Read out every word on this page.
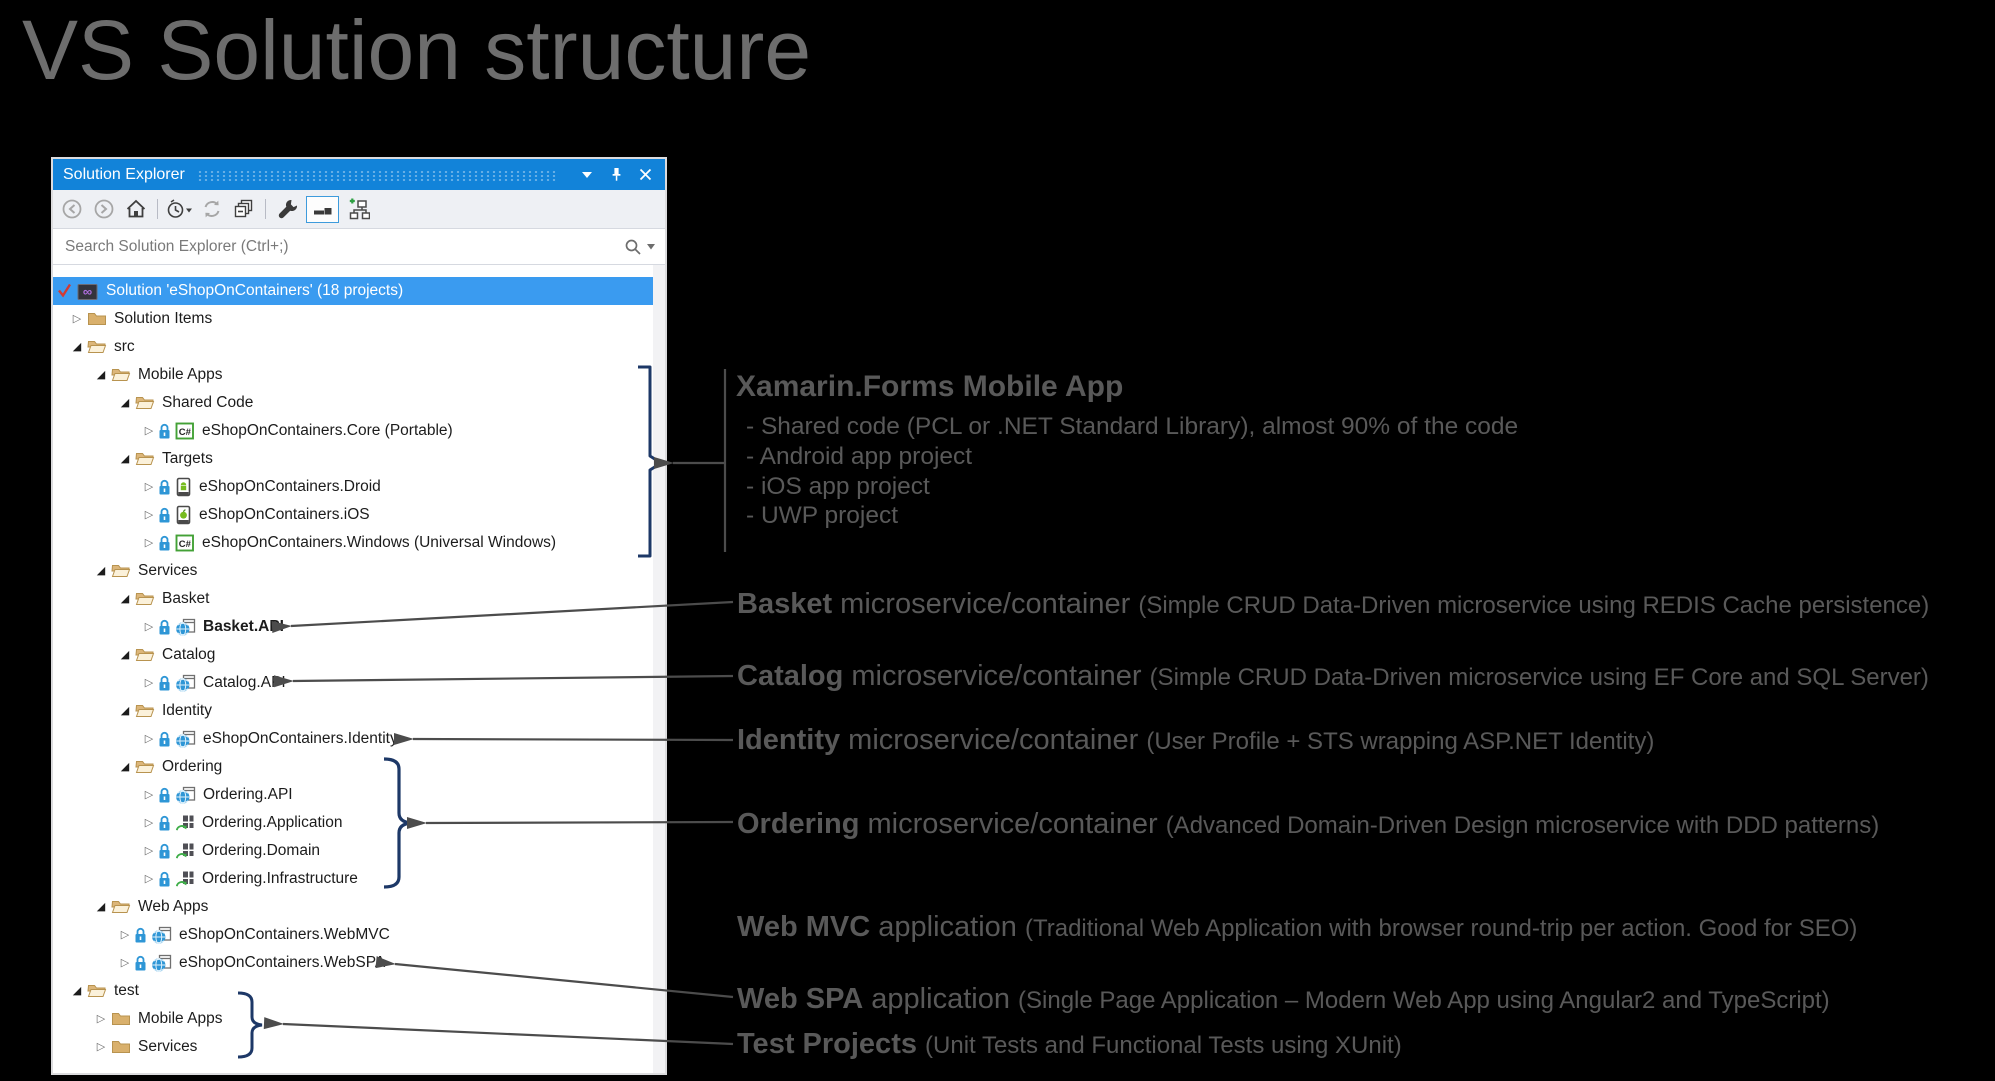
VS Solution structure
Solution Explorer
Search Solution Explorer (Ctrl+;)
∞ Solution 'eShopOnContainers' (18 projects)
▷ Solution Items
◢ src
◢ Mobile Apps
◢ Shared Code
▷	C# eShopOnContainers.Core (Portable)
◢ Targets
▷	eShopOnContainers.Droid
▷	eShopOnContainers.iOS
▷	C# eShopOnContainers.Windows (Universal Windows)
◢ Services
◢ Basket
▷	Basket.API
◢ Catalog
▷	Catalog.API
◢ Identity
▷	eShopOnContainers.Identity
◢ Ordering
▷	Ordering.API
▷	Ordering.Application
▷	Ordering.Domain
▷	Ordering.Infrastructure
◢ Web Apps
▷	eShopOnContainers.WebMVC
▷	eShopOnContainers.WebSPA
◢ test
▷ Mobile Apps
▷ Services
Xamarin.Forms Mobile App
- Shared code (PCL or .NET Standard Library), almost 90% of the code
- Android app project
- iOS app project
- UWP project
Basket microservice/container (Simple CRUD Data-Driven microservice using REDIS Cache persistence)
Catalog microservice/container (Simple CRUD Data-Driven microservice using EF Core and SQL Server)
Identity microservice/container (User Profile + STS wrapping ASP.NET Identity)
Ordering microservice/container (Advanced Domain-Driven Design microservice with DDD patterns)
Web MVC application (Traditional Web Application with browser round-trip per action. Good for SEO)
Web SPA application (Single Page Application – Modern Web App using Angular2 and TypeScript)
Test Projects (Unit Tests and Functional Tests using XUnit)
